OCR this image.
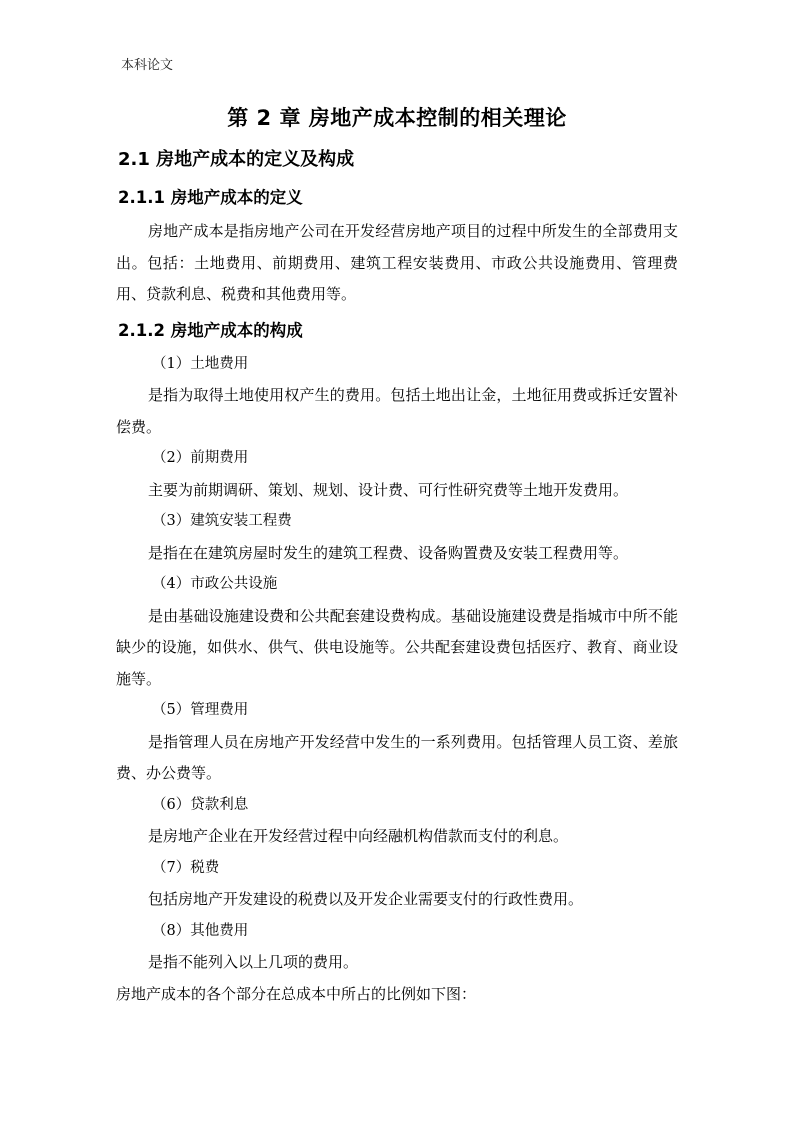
本科论文
第 2 章 房地产成本控制的相关理论
2.1 房地产成本的定义及构成
2.1.1 房地产成本的定义

房地产成本是指房地产公司在开发经营房地产项目的过程中所发生的全部费用支出。包括：土地费用、前期费用、建筑工程安装费用、市政公共设施费用、管理费用、贷款利息、税费和其他费用等。

2.1.2 房地产成本的构成
（1）土地费用

是指为取得土地使用权产生的费用。包括土地出让金，土地征用费或拆迁安置补偿费。

（2）前期费用

主要为前期调研、策划、规划、设计费、可行性研究费等土地开发费用。

（3）建筑安装工程费

是指在在建筑房屋时发生的建筑工程费、设备购置费及安装工程费用等。

（4）市政公共设施

是由基础设施建设费和公共配套建设费构成。基础设施建设费是指城市中所不能缺少的设施，如供水、供气、供电设施等。公共配套建设费包括医疗、教育、商业设施等。

（5）管理费用

是指管理人员在房地产开发经营中发生的一系列费用。包括管理人员工资、差旅费、办公费等。

（6）贷款利息

是房地产企业在开发经营过程中向经融机构借款而支付的利息。

（7）税费

包括房地产开发建设的税费以及开发企业需要支付的行政性费用。

（8）其他费用

是指不能列入以上几项的费用。

房地产成本的各个部分在总成本中所占的比例如下图：
